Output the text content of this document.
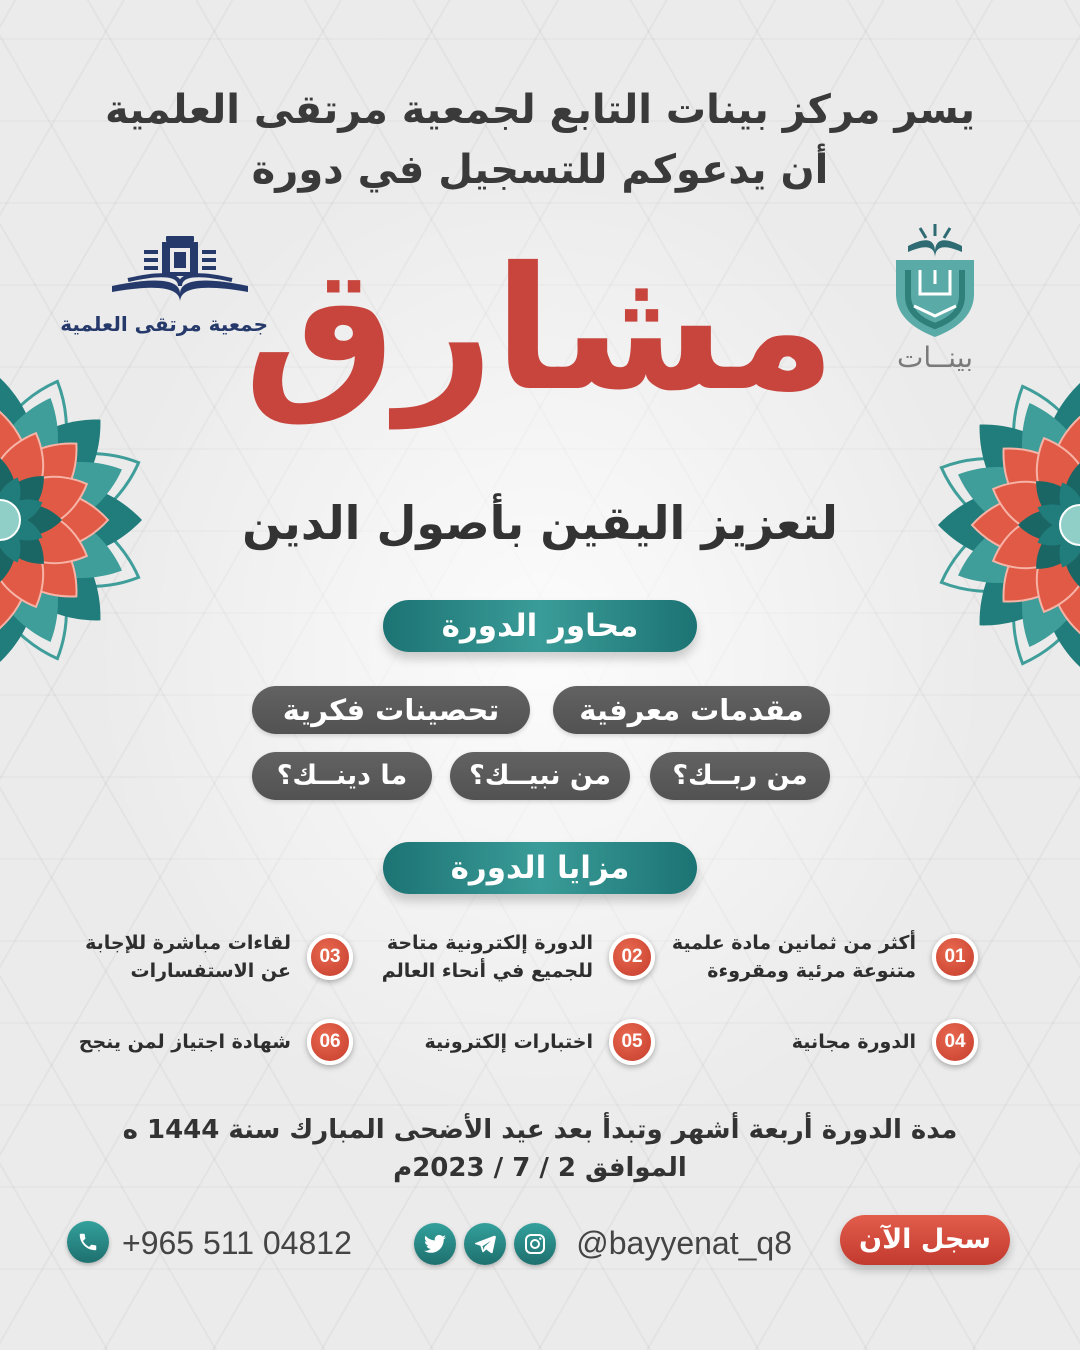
يسر مركز بينات التابع لجمعية مرتقى العلمية
أن يدعوكم للتسجيل في دورة
جمعية مرتقى العلمية
بينــات
مشارق
لتعزيز اليقين بأصول الدين
محاور الدورة
مقدمات معرفية
تحصينات فكرية
من ربــك؟
من نبيــك؟
ما دينــك؟
مزايا الدورة
01
أكثر من ثمانين مادة علمية
متنوعة مرئية ومقروءة
02
الدورة إلكترونية متاحة
للجميع في أنحاء العالم
03
لقاءات مباشرة للإجابة
عن الاستفسارات
04
الدورة مجانية
05
اختبارات إلكترونية
06
شهادة اجتياز لمن ينجح
مدة الدورة أربعة أشهر وتبدأ بعد عيد الأضحى المبارك سنة 1444 ه
الموافق 2 / 7 / 2023م
سجل الآن
@bayyenat_q8
+965 511 04812
